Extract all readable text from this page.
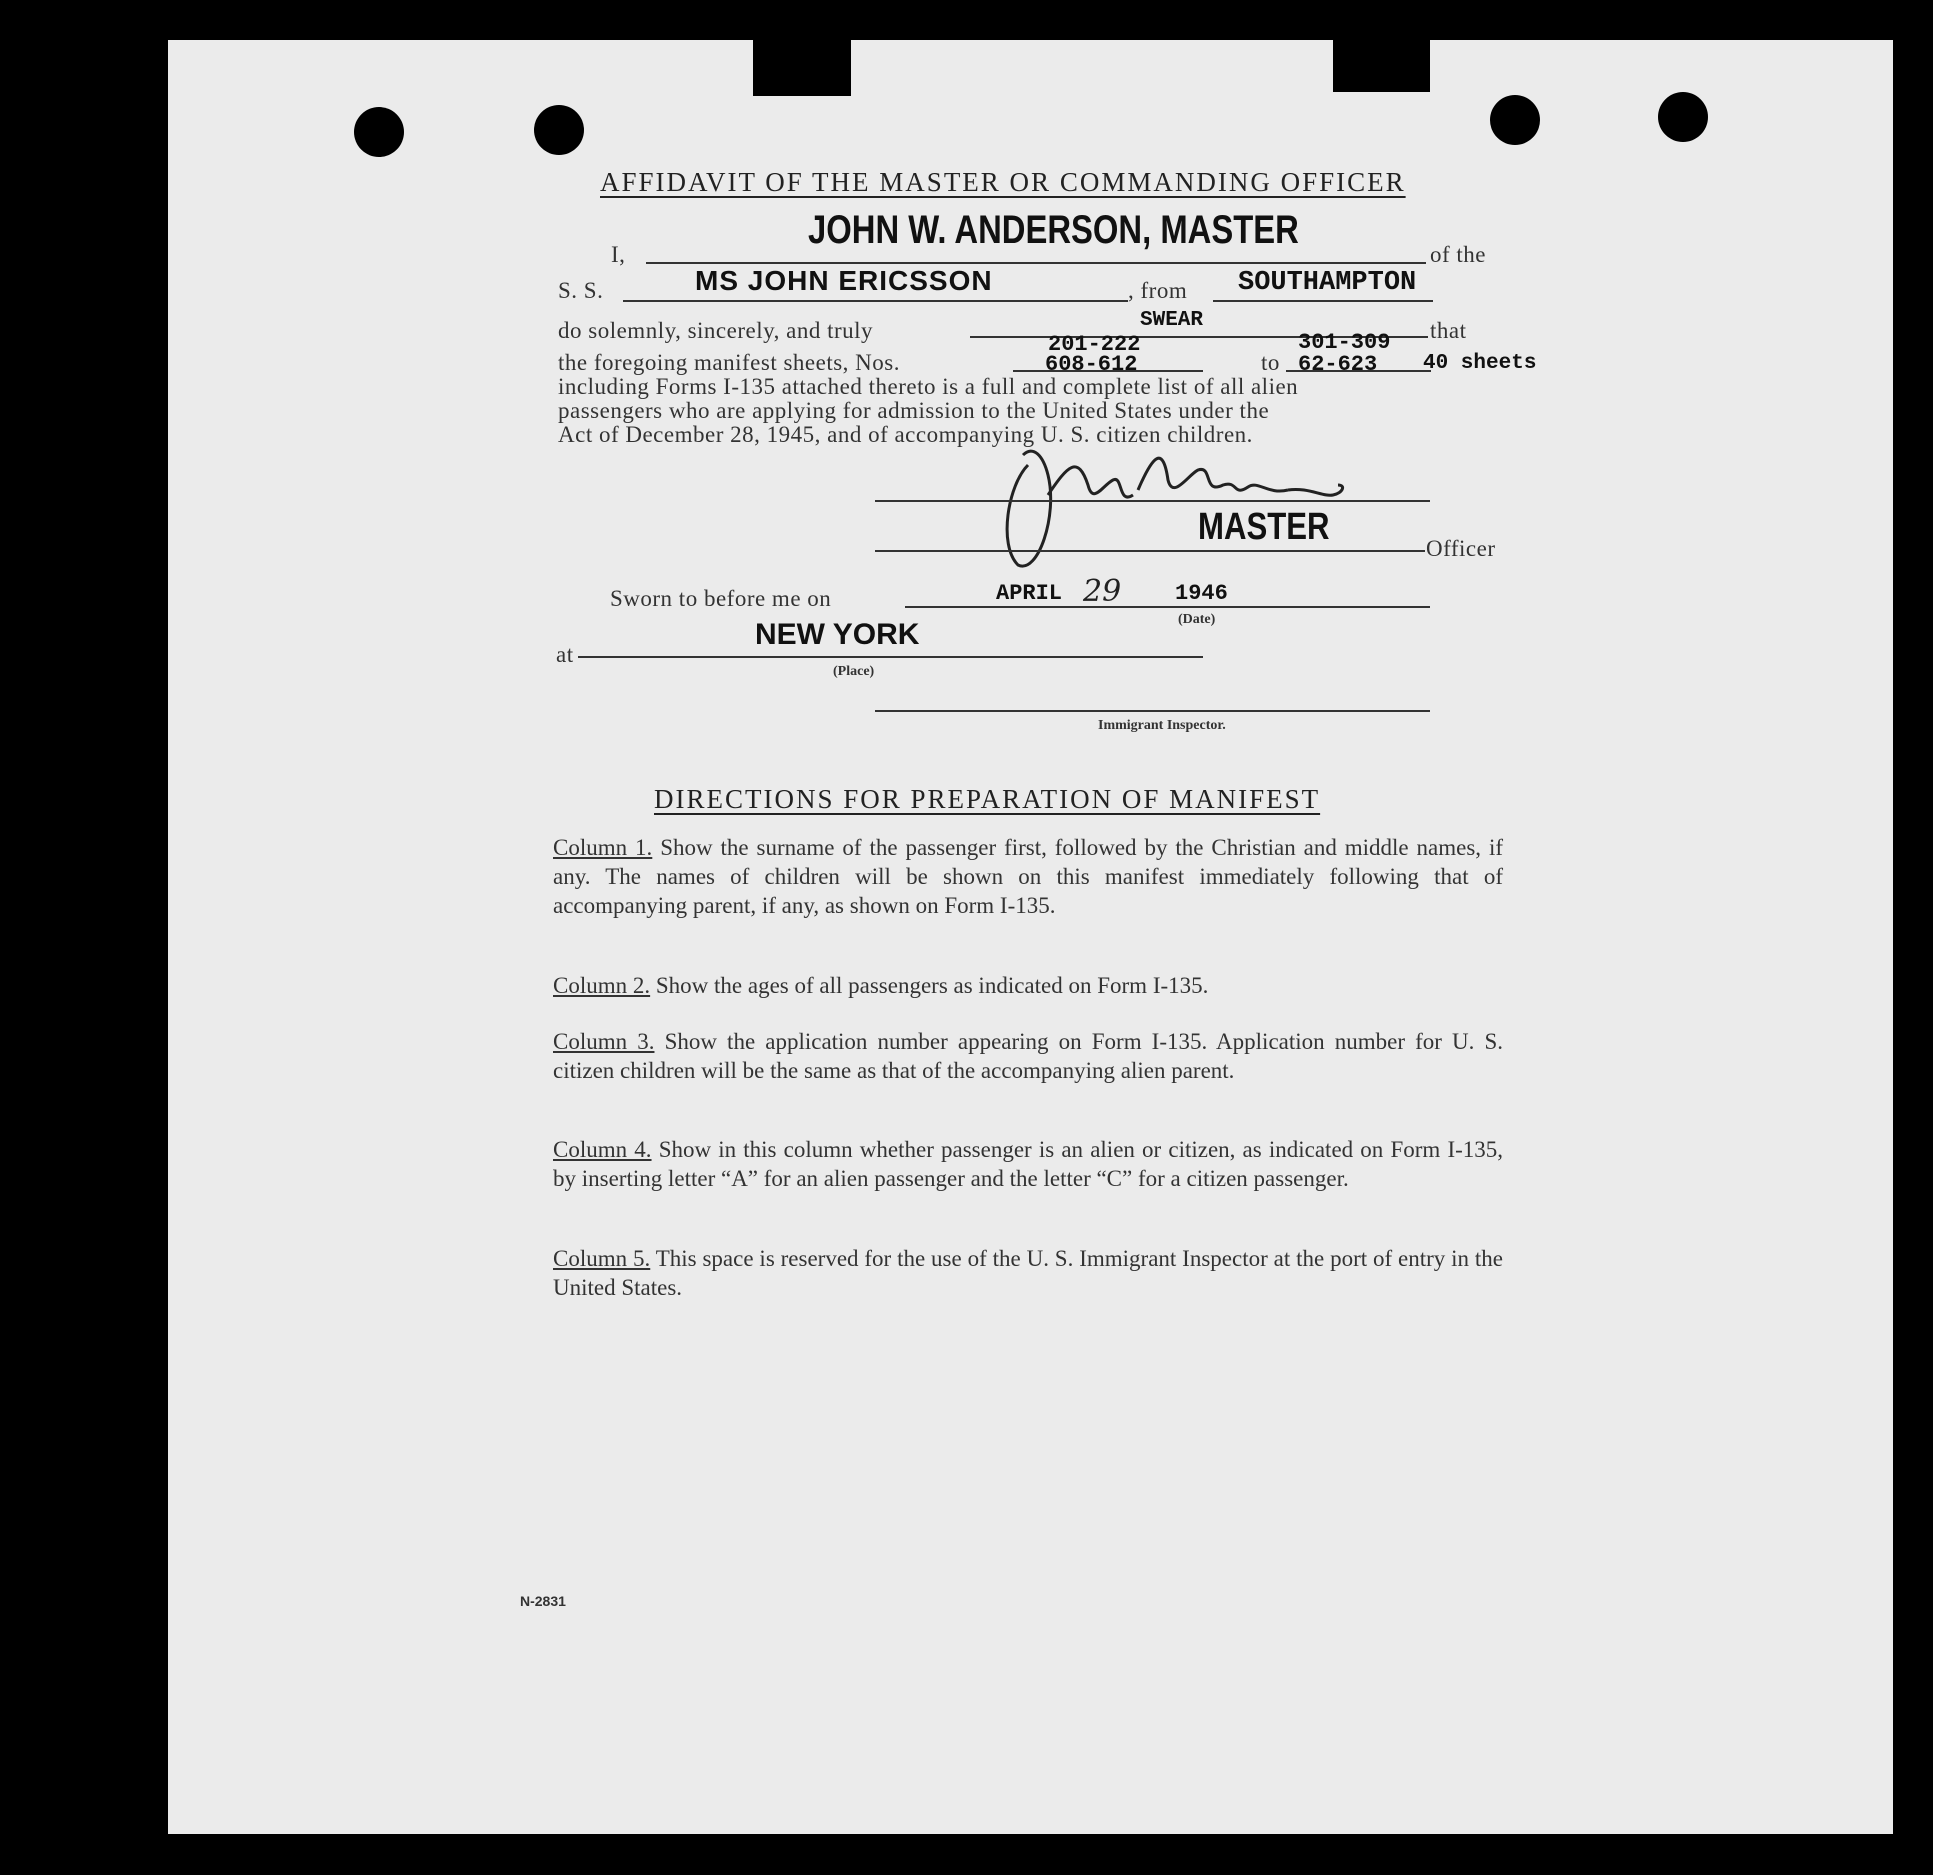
AFFIDAVIT OF THE MASTER OR COMMANDING OFFICER
I,
JOHN W. ANDERSON, MASTER
of the
S. S.	MS JOHN ERICSSON	, from SOUTHAMPTON
do solemnly, sincerely, and truly	SWEAR	that
201-222	301-309
the foregoing manifest sheets, Nos.	608-612	to 62-623 40 sheets
including Forms I-135 attached thereto is a full and complete list of all alien
passengers who are applying for admission to the United States under the
Act of December 28, 1945, and of accompanying U. S. citizen children.
MASTER
Officer
Sworn to before me on	APRIL 29 1946
(Date)
at
NEW YORK
(Place)
Immigrant Inspector.
DIRECTIONS FOR PREPARATION OF MANIFEST
Column 1. Show the surname of the passenger first, followed by the Christian and middle names, if any. The names of children will be shown on this manifest immediately following that of accompanying parent, if any, as shown on Form I-135.
Column 2. Show the ages of all passengers as indicated on Form I-135.
Column 3. Show the application number appearing on Form I-135. Application number for U. S. citizen children will be the same as that of the accompanying alien parent.
Column 4. Show in this column whether passenger is an alien or citizen, as indicated on Form I-135, by inserting letter “A” for an alien passenger and the letter “C” for a citizen passenger.
Column 5. This space is reserved for the use of the U. S. Immigrant Inspector at the port of entry in the United States.
N-2831
